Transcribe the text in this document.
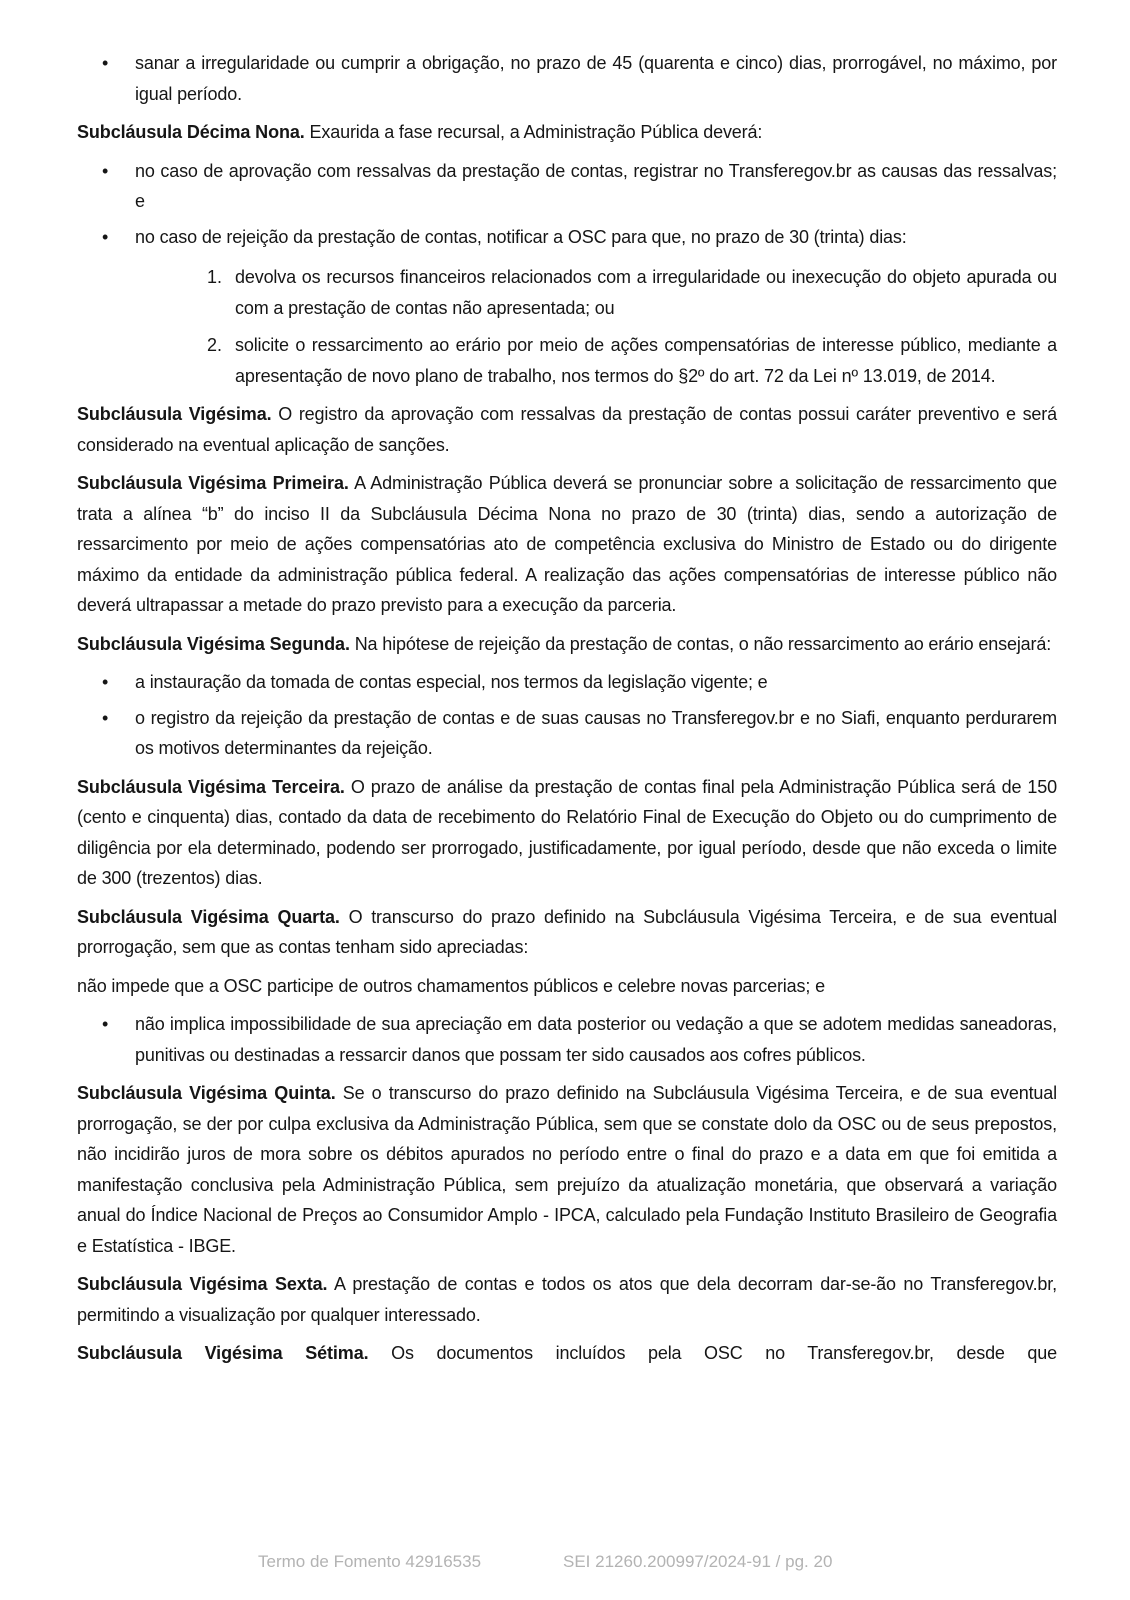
• sanar a irregularidade ou cumprir a obrigação, no prazo de 45 (quarenta e cinco) dias, prorrogável, no máximo, por igual período.

Subcláusula Décima Nona. Exaurida a fase recursal, a Administração Pública deverá:

• no caso de aprovação com ressalvas da prestação de contas, registrar no Transferegov.br as causas das ressalvas; e
• no caso de rejeição da prestação de contas, notificar a OSC para que, no prazo de 30 (trinta) dias:
1. devolva os recursos financeiros relacionados com a irregularidade ou inexecução do objeto apurada ou com a prestação de contas não apresentada; ou
2. solicite o ressarcimento ao erário por meio de ações compensatórias de interesse público, mediante a apresentação de novo plano de trabalho, nos termos do §2º do art. 72 da Lei nº 13.019, de 2014.

Subcláusula Vigésima. O registro da aprovação com ressalvas da prestação de contas possui caráter preventivo e será considerado na eventual aplicação de sanções.

Subcláusula Vigésima Primeira. A Administração Pública deverá se pronunciar sobre a solicitação de ressarcimento que trata a alínea “b” do inciso II da Subcláusula Décima Nona no prazo de 30 (trinta) dias, sendo a autorização de ressarcimento por meio de ações compensatórias ato de competência exclusiva do Ministro de Estado ou do dirigente máximo da entidade da administração pública federal. A realização das ações compensatórias de interesse público não deverá ultrapassar a metade do prazo previsto para a execução da parceria.

Subcláusula Vigésima Segunda. Na hipótese de rejeição da prestação de contas, o não ressarcimento ao erário ensejará:

• a instauração da tomada de contas especial, nos termos da legislação vigente; e
• o registro da rejeição da prestação de contas e de suas causas no Transferegov.br e no Siafi, enquanto perdurarem os motivos determinantes da rejeição.

Subcláusula Vigésima Terceira. O prazo de análise da prestação de contas final pela Administração Pública será de 150 (cento e cinquenta) dias, contado da data de recebimento do Relatório Final de Execução do Objeto ou do cumprimento de diligência por ela determinado, podendo ser prorrogado, justificadamente, por igual período, desde que não exceda o limite de 300 (trezentos) dias.

Subcláusula Vigésima Quarta. O transcurso do prazo definido na Subcláusula Vigésima Terceira, e de sua eventual prorrogação, sem que as contas tenham sido apreciadas:

não impede que a OSC participe de outros chamamentos públicos e celebre novas parcerias; e

• não implica impossibilidade de sua apreciação em data posterior ou vedação a que se adotem medidas saneadoras, punitivas ou destinadas a ressarcir danos que possam ter sido causados aos cofres públicos.

Subcláusula Vigésima Quinta. Se o transcurso do prazo definido na Subcláusula Vigésima Terceira, e de sua eventual prorrogação, se der por culpa exclusiva da Administração Pública, sem que se constate dolo da OSC ou de seus prepostos, não incidirão juros de mora sobre os débitos apurados no período entre o final do prazo e a data em que foi emitida a manifestação conclusiva pela Administração Pública, sem prejuízo da atualização monetária, que observará a variação anual do Índice Nacional de Preços ao Consumidor Amplo - IPCA, calculado pela Fundação Instituto Brasileiro de Geografia e Estatística - IBGE.

Subcláusula Vigésima Sexta. A prestação de contas e todos os atos que dela decorram dar-se-ão no Transferegov.br, permitindo a visualização por qualquer interessado.

Subcláusula Vigésima Sétima. Os documentos incluídos pela OSC no Transferegov.br, desde que

Termo de Fomento 42916535	SEI 21260.200997/2024-91 / pg. 20
